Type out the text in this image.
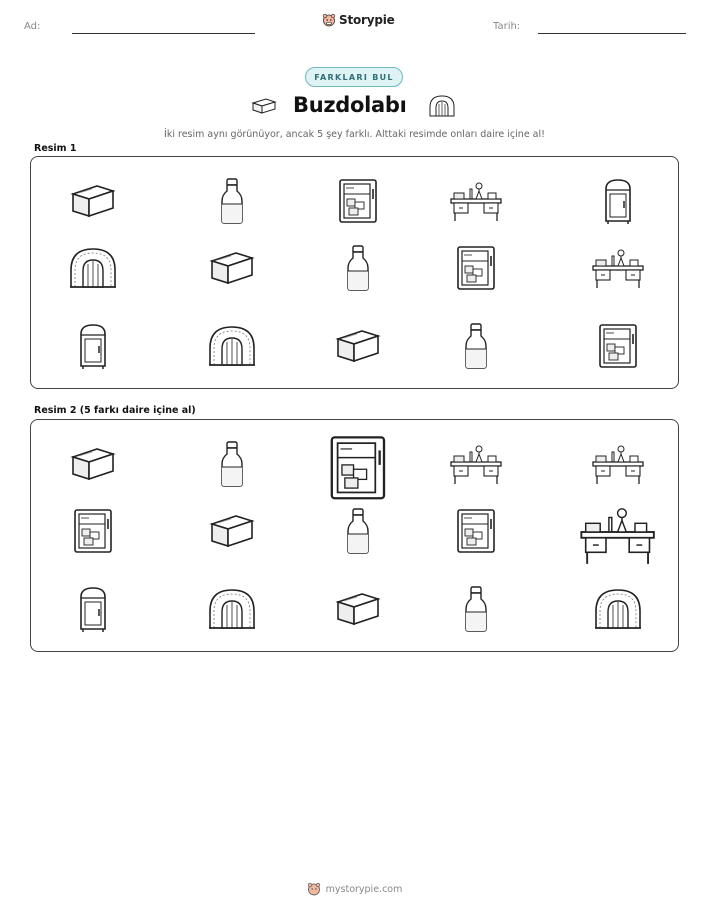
Ad:	Storypie	Tarih:
FARKLARI BUL
Buzdolabı
İki resim aynı görünüyor, ancak 5 şey farklı. Alttaki resimde onları daire içine al!
Resim 1
Resim 2 (5 farkı daire içine al)
mystorypie.com
